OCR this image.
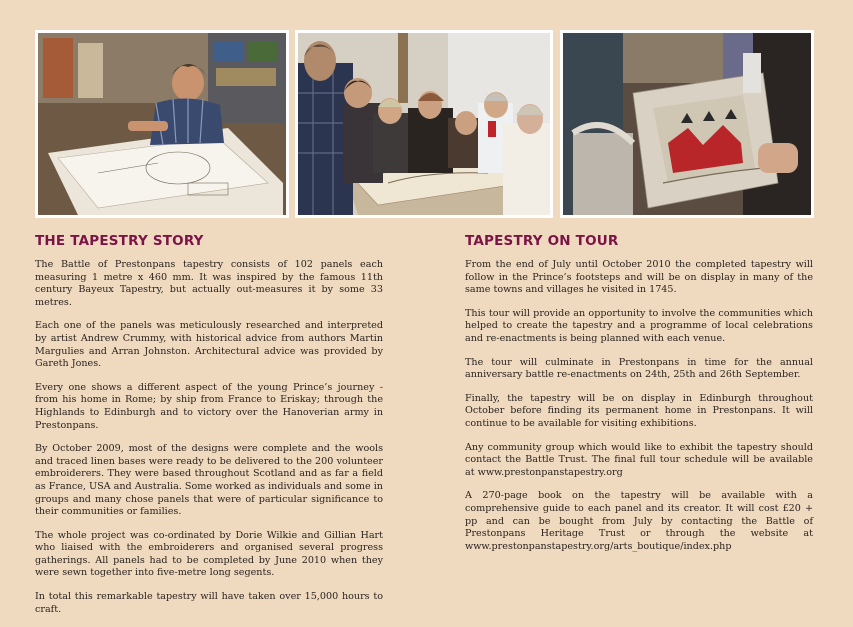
THE TAPESTRY STORY

The Battle of Prestonpans tapestry consists of 102 panels each measuring 1 metre x 460 mm. It was inspired by the famous 11th century Bayeux Tapestry, but actually out-measures it by some 33 metres.

Each one of the panels was meticulously researched and interpreted by artist Andrew Crummy, with historical advice from authors Martin Margulies and Arran Johnston. Architectural advice was provided by Gareth Jones.

Every one shows a different aspect of the young Prince’s journey - from his home in Rome; by ship from France to Eriskay; through the Highlands to Edinburgh and to victory over the Hanoverian army in Prestonpans.

By October 2009, most of the designs were complete and the wools and traced linen bases were ready to be delivered to the 200 volunteer embroiderers. They were based throughout Scotland and as far a field as France, USA and Australia. Some worked as individuals and some in groups and many chose panels that were of particular significance to their communities or families.

The whole project was co-ordinated by Dorie Wilkie and Gillian Hart who liaised with the embroiderers and organised several progress gatherings. All panels had to be completed by June 2010 when they were sewn together into five-metre long segents.

In total this remarkable tapestry will have taken over 15,000 hours to craft.

TAPESTRY ON TOUR

From the end of July until October 2010 the completed tapestry will follow in the Prince’s footsteps and will be on display in many of the same towns and villages he visited in 1745.

This tour will provide an opportunity to involve the communities which helped to create the tapestry and a programme of local celebrations and re-enactments is being planned with each venue.

The tour will culminate in Prestonpans in time for the annual anniversary battle re-enactments on 24th, 25th and 26th September.

Finally, the tapestry will be on display in Edinburgh throughout October before finding its permanent home in Prestonpans. It will continue to be available for visiting exhibitions.

Any community group which would like to exhibit the tapestry should contact the Battle Trust. The final full tour schedule will be available at www.prestonpanstapestry.org

A 270-page book on the tapestry will be available with a comprehensive guide to each panel and its creator. It will cost £20 + pp and can be bought from July by contacting the Battle of Prestonpans Heritage Trust or through the website at www.prestonpanstapestry.org/arts_boutique/index.php
